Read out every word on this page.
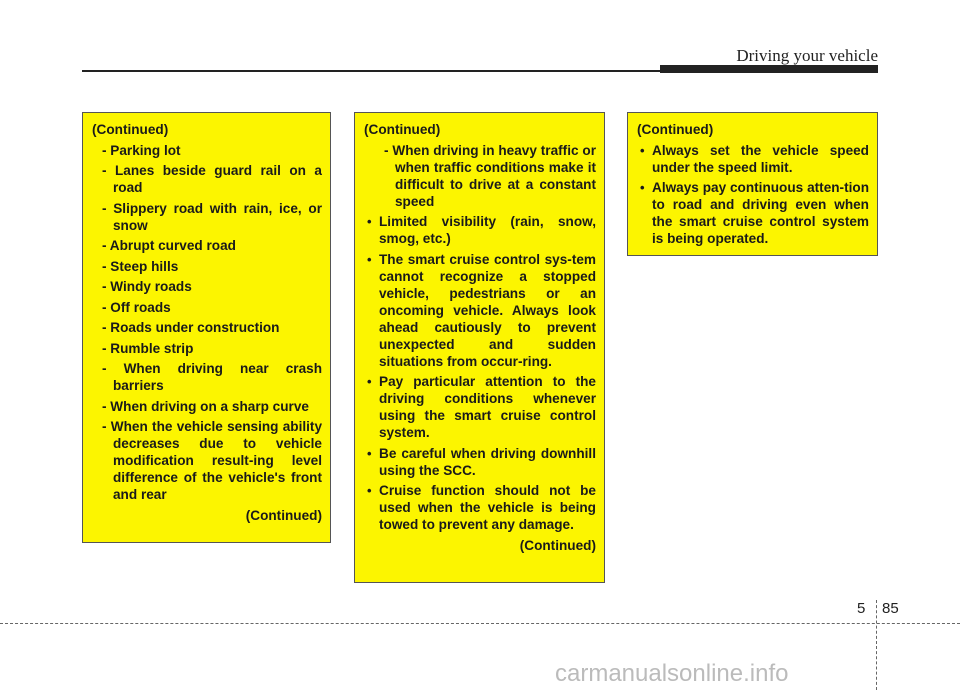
Driving your vehicle
(Continued)
- Parking lot
- Lanes beside guard rail on a road
- Slippery road with rain, ice, or snow
- Abrupt curved road
- Steep hills
- Windy roads
- Off roads
- Roads under construction
- Rumble strip
- When driving near crash barriers
- When driving on a sharp curve
- When the vehicle sensing ability decreases due to vehicle modification result-ing level difference of the vehicle's front and rear
(Continued)
(Continued)
- When driving in heavy traffic or when traffic conditions make it difficult to drive at a constant speed
• Limited visibility (rain, snow, smog, etc.)
• The smart cruise control sys-tem cannot recognize a stopped vehicle, pedestrians or an oncoming vehicle. Always look ahead cautiously to prevent unexpected and sudden situations from occur-ring.
• Pay particular attention to the driving conditions whenever using the smart cruise control system.
• Be careful when driving downhill using the SCC.
• Cruise function should not be used when the vehicle is being towed to prevent any damage.
(Continued)
(Continued)
• Always set the vehicle speed under the speed limit.
• Always pay continuous atten-tion to road and driving even when the smart cruise control system is being operated.
5 85
carmanualsonline.info
